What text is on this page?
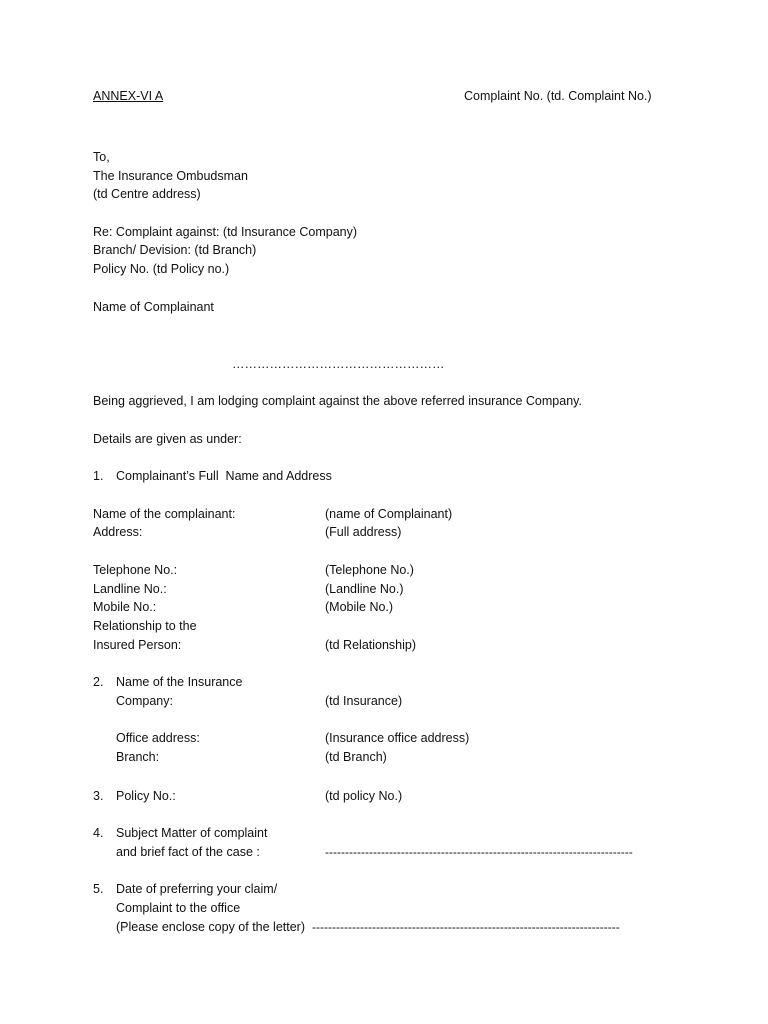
ANNEX-VI A	Complaint No. (td. Complaint No.)
To,
The Insurance Ombudsman
(td Centre address)
Re: Complaint against: (td Insurance Company)
Branch/ Devision: (td Branch)
Policy No. (td Policy no.)
Name of Complainant
……………………………………………
Being aggrieved, I am lodging complaint against the above referred insurance Company.
Details are given as under:
1. Complainant’s Full  Name and Address
Name of the complainant:	(name of Complainant)
Address:	(Full address)
Telephone No.:	(Telephone No.)
Landline No.:	(Landline No.)
Mobile No.:	(Mobile No.)
Relationship to the
Insured Person:	(td Relationship)
2. Name of the Insurance
Company:	(td Insurance)
Office address:	(Insurance office address)
Branch:	(td Branch)
3. Policy No.:	(td policy No.)
4. Subject Matter of complaint
and brief fact of the case :	-----------------------------------------------------------------------------
5. Date of preferring your claim/
Complaint to the office
(Please enclose copy of the letter) -----------------------------------------------------------------------------
